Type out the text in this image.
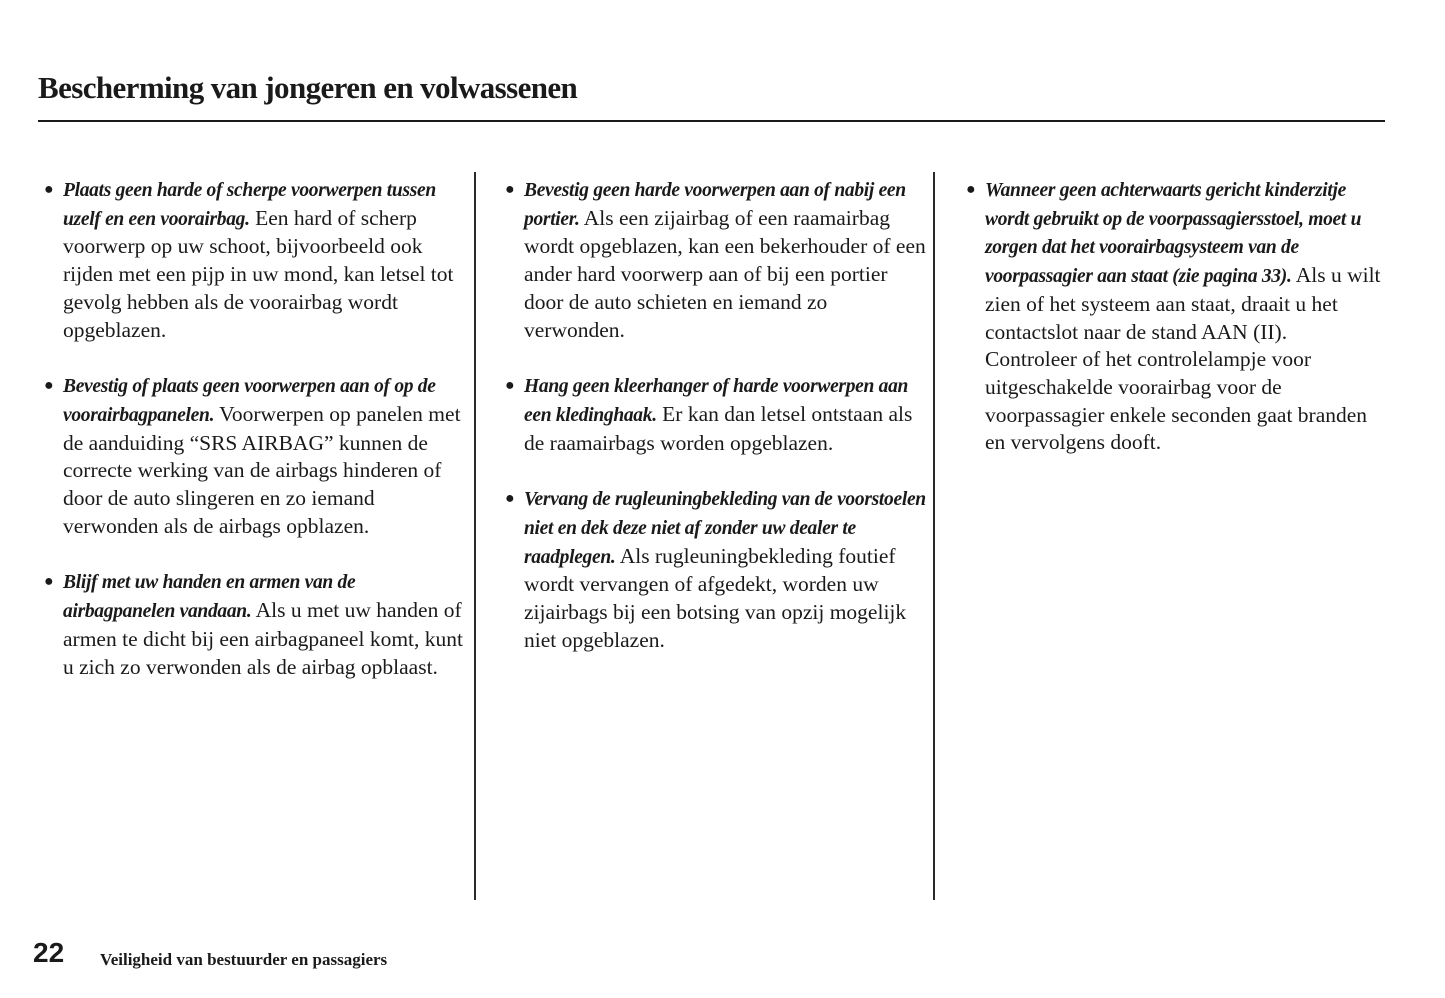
Bescherming van jongeren en volwassenen
● Plaats geen harde of scherpe voorwerpen tussen uzelf en een voorairbag. Een hard of scherp voorwerp op uw schoot, bijvoorbeeld ook rijden met een pijp in uw mond, kan letsel tot gevolg hebben als de voorairbag wordt opgeblazen.
● Bevestig of plaats geen voorwerpen aan of op de voorairbagpanelen. Voorwerpen op panelen met de aanduiding “SRS AIRBAG” kunnen de correcte werking van de airbags hinderen of door de auto slingeren en zo iemand verwonden als de airbags opblazen.
● Blijf met uw handen en armen van de airbagpanelen vandaan. Als u met uw handen of armen te dicht bij een airbagpaneel komt, kunt u zich zo verwonden als de airbag opblaast.
● Bevestig geen harde voorwerpen aan of nabij een portier. Als een zijairbag of een raamairbag wordt opgeblazen, kan een bekerhouder of een ander hard voorwerp aan of bij een portier door de auto schieten en iemand zo verwonden.
● Hang geen kleerhanger of harde voorwerpen aan een kledinghaak. Er kan dan letsel ontstaan als de raamairbags worden opgeblazen.
● Vervang de rugleuningbekleding van de voorstoelen niet en dek deze niet af zonder uw dealer te raadplegen. Als rugleuningbekleding foutief wordt vervangen of afgedekt, worden uw zijairbags bij een botsing van opzij mogelijk niet opgeblazen.
● Wanneer geen achterwaarts gericht kinderzitje wordt gebruikt op de voorpassagiersstoel, moet u zorgen dat het voorairbagsysteem van de voorpassagier aan staat (zie pagina 33). Als u wilt zien of het systeem aan staat, draait u het contactslot naar de stand AAN (II). Controleer of het controlelampje voor uitgeschakelde voorairbag voor de voorpassagier enkele seconden gaat branden en vervolgens dooft.
22 Veiligheid van bestuurder en passagiers
